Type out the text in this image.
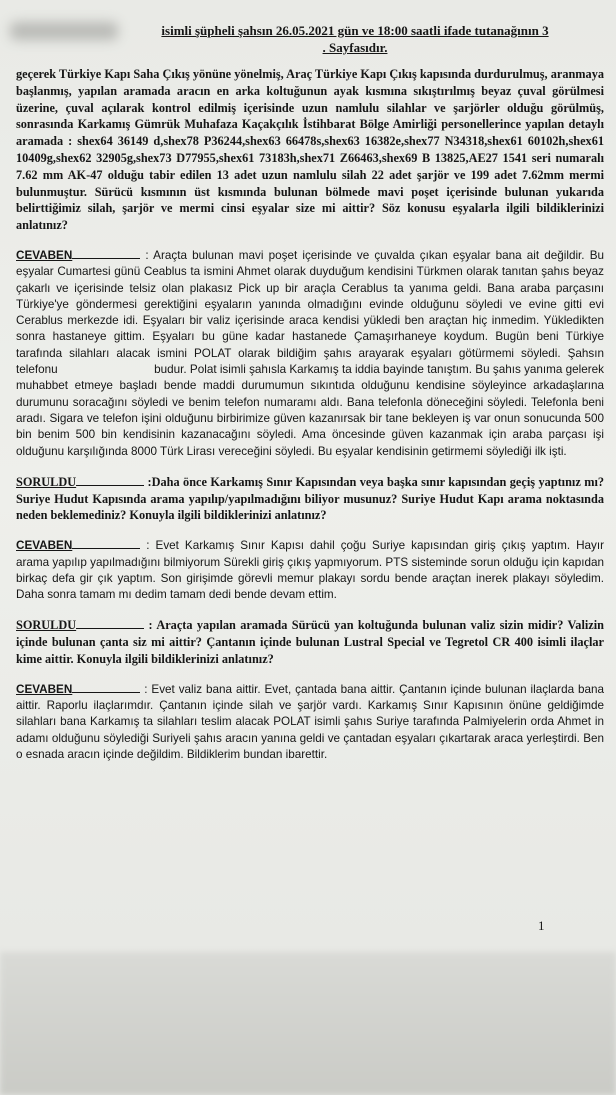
isimli şüpheli şahsın 26.05.2021 gün ve 18:00 saatli ifade tutanağının 3
. Sayfasıdır.

geçerek Türkiye Kapı Saha Çıkış yönüne yönelmiş, Araç Türkiye Kapı Çıkış kapısında durdurulmuş, aranmaya başlanmış, yapılan aramada aracın en arka koltuğunun ayak kısmına sıkıştırılmış beyaz çuval görülmesi üzerine, çuval açılarak kontrol edilmiş içerisinde uzun namlulu silahlar ve şarjörler olduğu görülmüş, sonrasında Karkamış Gümrük Muhafaza Kaçakçılık İstihbarat Bölge Amirliği personellerince yapılan detaylı aramada : shex64 36149 d,shex78 P36244,shex63 66478s,shex63 16382e,shex77 N34318,shex61 60102h,shex61 10409g,shex62 32905g,shex73 D77955,shex61 73183h,shex71 Z66463,shex69 B 13825,AE27 1541 seri numaralı 7.62 mm AK-47 olduğu tabir edilen 13 adet uzun namlulu silah 22 adet şarjör ve 199 adet 7.62mm mermi bulunmuştur. Sürücü kısmının üst kısmında bulunan bölmede mavi poşet içerisinde bulunan yukarıda belirttiğimiz silah, şarjör ve mermi cinsi eşyalar size mi aittir? Söz konusu eşyalarla ilgili bildiklerinizi anlatınız?

CEVABEN	: Araçta bulunan mavi poşet içerisinde ve çuvalda çıkan eşyalar bana ait değildir. Bu eşyalar Cumartesi günü Ceablus ta ismini Ahmet olarak duyduğum kendisini Türkmen olarak tanıtan şahıs beyaz çakarlı ve içerisinde telsiz olan plakasız Pick up bir araçla Cerablus ta yanıma geldi. Bana araba parçasını Türkiye'ye göndermesi gerektiğini eşyaların yanında olmadığını evinde olduğunu söyledi ve evine gitti evi Cerablus merkezde idi. Eşyaları bir valiz içerisinde araca kendisi yükledi ben araçtan hiç inmedim. Yükledikten sonra hastaneye gittim. Eşyaları bu güne kadar hastanede Çamaşırhaneye koydum. Bugün beni Türkiye tarafında silahları alacak ismini POLAT olarak bildiğim şahıs arayarak eşyaları götürmemi söyledi. Şahsın telefonu	budur. Polat isimli şahısla Karkamış ta iddia bayinde tanıştım. Bu şahıs yanıma gelerek muhabbet etmeye başladı bende maddi durumumun sıkıntıda olduğunu kendisine söyleyince arkadaşlarına durumunu soracağını söyledi ve benim telefon numaramı aldı. Bana telefonla döneceğini söyledi. Telefonla beni aradı. Sigara ve telefon işini olduğunu birbirimize güven kazanırsak bir tane bekleyen iş var onun sonucunda 500 bin benim 500 bin kendisinin kazanacağını söyledi. Ama öncesinde güven kazanmak için araba parçası işi olduğunu karşılığında 8000 Türk Lirası vereceğini söyledi. Bu eşyalar kendisinin getirmemi söylediği ilk işti.

SORULDU	:Daha önce Karkamış Sınır Kapısından veya başka sınır kapısından geçiş yaptınız mı? Suriye Hudut Kapısında arama yapılıp/yapılmadığını biliyor musunuz? Suriye Hudut Kapı arama noktasında neden beklemediniz? Konuyla ilgili bildiklerinizi anlatınız?

CEVABEN	: Evet Karkamış Sınır Kapısı dahil çoğu Suriye kapısından giriş çıkış yaptım. Hayır arama yapılıp yapılmadığını bilmiyorum Sürekli giriş çıkış yapmıyorum. PTS sisteminde sorun olduğu için kapıdan birkaç defa gir çık yaptım. Son girişimde görevli memur plakayı sordu bende araçtan inerek plakayı söyledim. Daha sonra tamam mı dedim tamam dedi bende devam ettim.

SORULDU	: Araçta yapılan aramada Sürücü yan koltuğunda bulunan valiz sizin midir? Valizin içinde bulunan çanta siz mi aittir? Çantanın içinde bulunan Lustral Special ve Tegretol CR 400 isimli ilaçlar kime aittir. Konuyla ilgili bildiklerinizi anlatınız?

CEVABEN	: Evet valiz bana aittir. Evet, çantada bana aittir. Çantanın içinde bulunan ilaçlarda bana aittir. Raporlu ilaçlarımdır. Çantanın içinde silah ve şarjör vardı. Karkamış Sınır Kapısının önüne geldiğimde silahları bana Karkamış ta silahları teslim alacak POLAT isimli şahıs Suriye tarafında Palmiyelerin orda Ahmet in adamı olduğunu söylediği Suriyeli şahıs aracın yanına geldi ve çantadan eşyaları çıkartarak araca yerleştirdi. Ben o esnada aracın içinde değildim. Bildiklerim bundan ibarettir.

1
